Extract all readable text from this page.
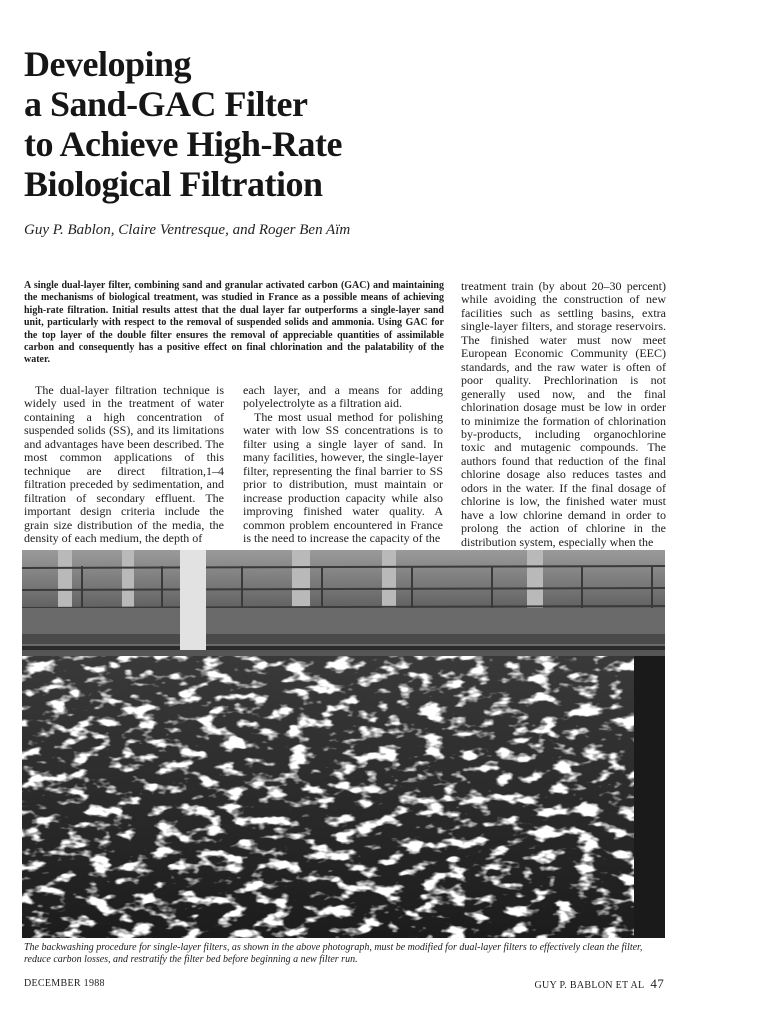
Developing
a Sand-GAC Filter
to Achieve High-Rate
Biological Filtration
Guy P. Bablon, Claire Ventresque, and Roger Ben Aïm

A single dual-layer filter, combining sand and granular activated carbon (GAC) and maintaining the mechanisms of biological treatment, was studied in France as a possible means of achieving high-rate filtration. Initial results attest that the dual layer far outperforms a single-layer sand unit, particularly with respect to the removal of suspended solids and ammonia. Using GAC for the top layer of the double filter ensures the removal of appreciable quantities of assimilable carbon and consequently has a positive effect on final chlorination and the palatability of the water.

The dual-layer filtration technique is widely used in the treatment of water containing a high concentration of suspended solids (SS), and its limitations and advantages have been described. The most common applications of this technique are direct filtration,1–4 filtration preceded by sedimentation, and filtration of secondary effluent. The important design criteria include the grain size distribution of the media, the density of each medium, the depth of

each layer, and a means for adding polyelectrolyte as a filtration aid.

The most usual method for polishing water with low SS concentrations is to filter using a single layer of sand. In many facilities, however, the single-layer filter, representing the final barrier to SS prior to distribution, must maintain or increase production capacity while also improving finished water quality. A common problem encountered in France is the need to increase the capacity of the

treatment train (by about 20–30 percent) while avoiding the construction of new facilities such as settling basins, extra single-layer filters, and storage reservoirs. The finished water must now meet European Economic Community (EEC) standards, and the raw water is often of poor quality. Prechlorination is not generally used now, and the final chlorination dosage must be low in order to minimize the formation of chlorination by-products, including organochlorine toxic and mutagenic compounds. The authors found that reduction of the final chlorine dosage also reduces tastes and odors in the water. If the final dosage of chlorine is low, the finished water must have a low chlorine demand in order to prolong the action of chlorine in the distribution system, especially when the

The backwashing procedure for single-layer filters, as shown in the above photograph, must be modified for dual-layer filters to effectively clean the filter, reduce carbon losses, and restratify the filter bed before beginning a new filter run.

DECEMBER 1988	GUY P. BABLON ET AL 47
